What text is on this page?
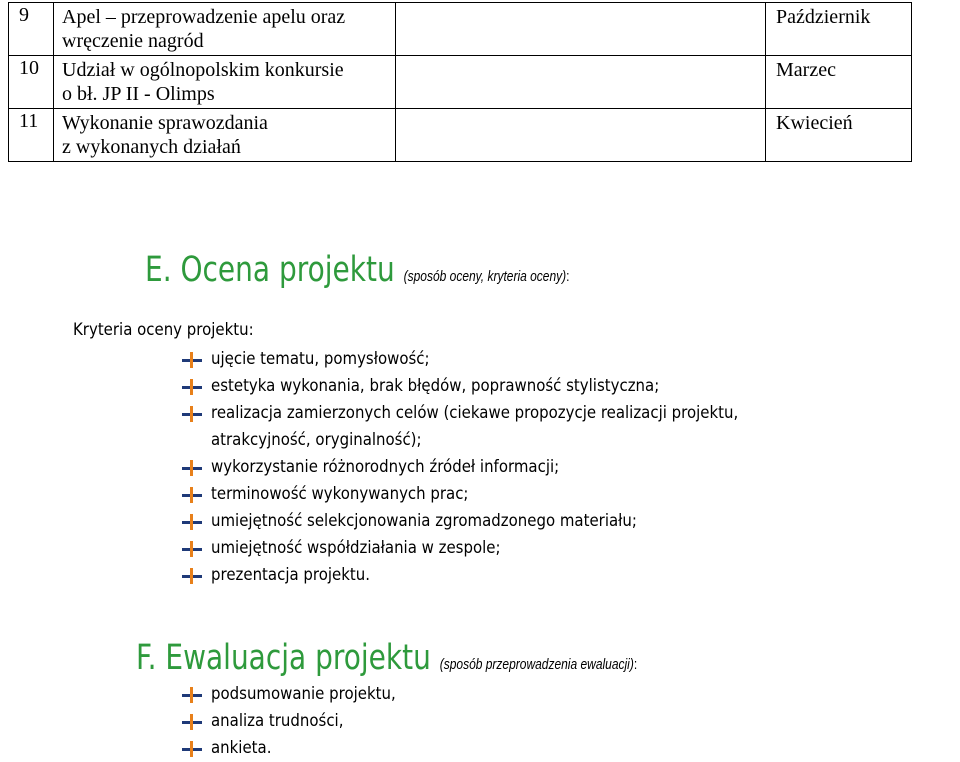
9	Apel – przeprowadzenie apelu oraz
wręczenie nagród		Październik
10	Udział w ogólnopolskim konkursie
o bł. JP II - Olimps		Marzec
11	Wykonanie sprawozdania
z wykonanych działań		Kwiecień
E. Ocena projektu (sposób oceny, kryteria oceny):
Kryteria oceny projektu:
ujęcie tematu, pomysłowość;
estetyka wykonania, brak błędów, poprawność stylistyczna;
realizacja zamierzonych celów (ciekawe propozycje realizacji projektu,
atrakcyjność, oryginalność);
wykorzystanie różnorodnych źródeł informacji;
terminowość wykonywanych prac;
umiejętność selekcjonowania zgromadzonego materiału;
umiejętność współdziałania w zespole;
prezentacja projektu.
F. Ewaluacja projektu (sposób przeprowadzenia ewaluacji):
podsumowanie projektu,
analiza trudności,
ankieta.
